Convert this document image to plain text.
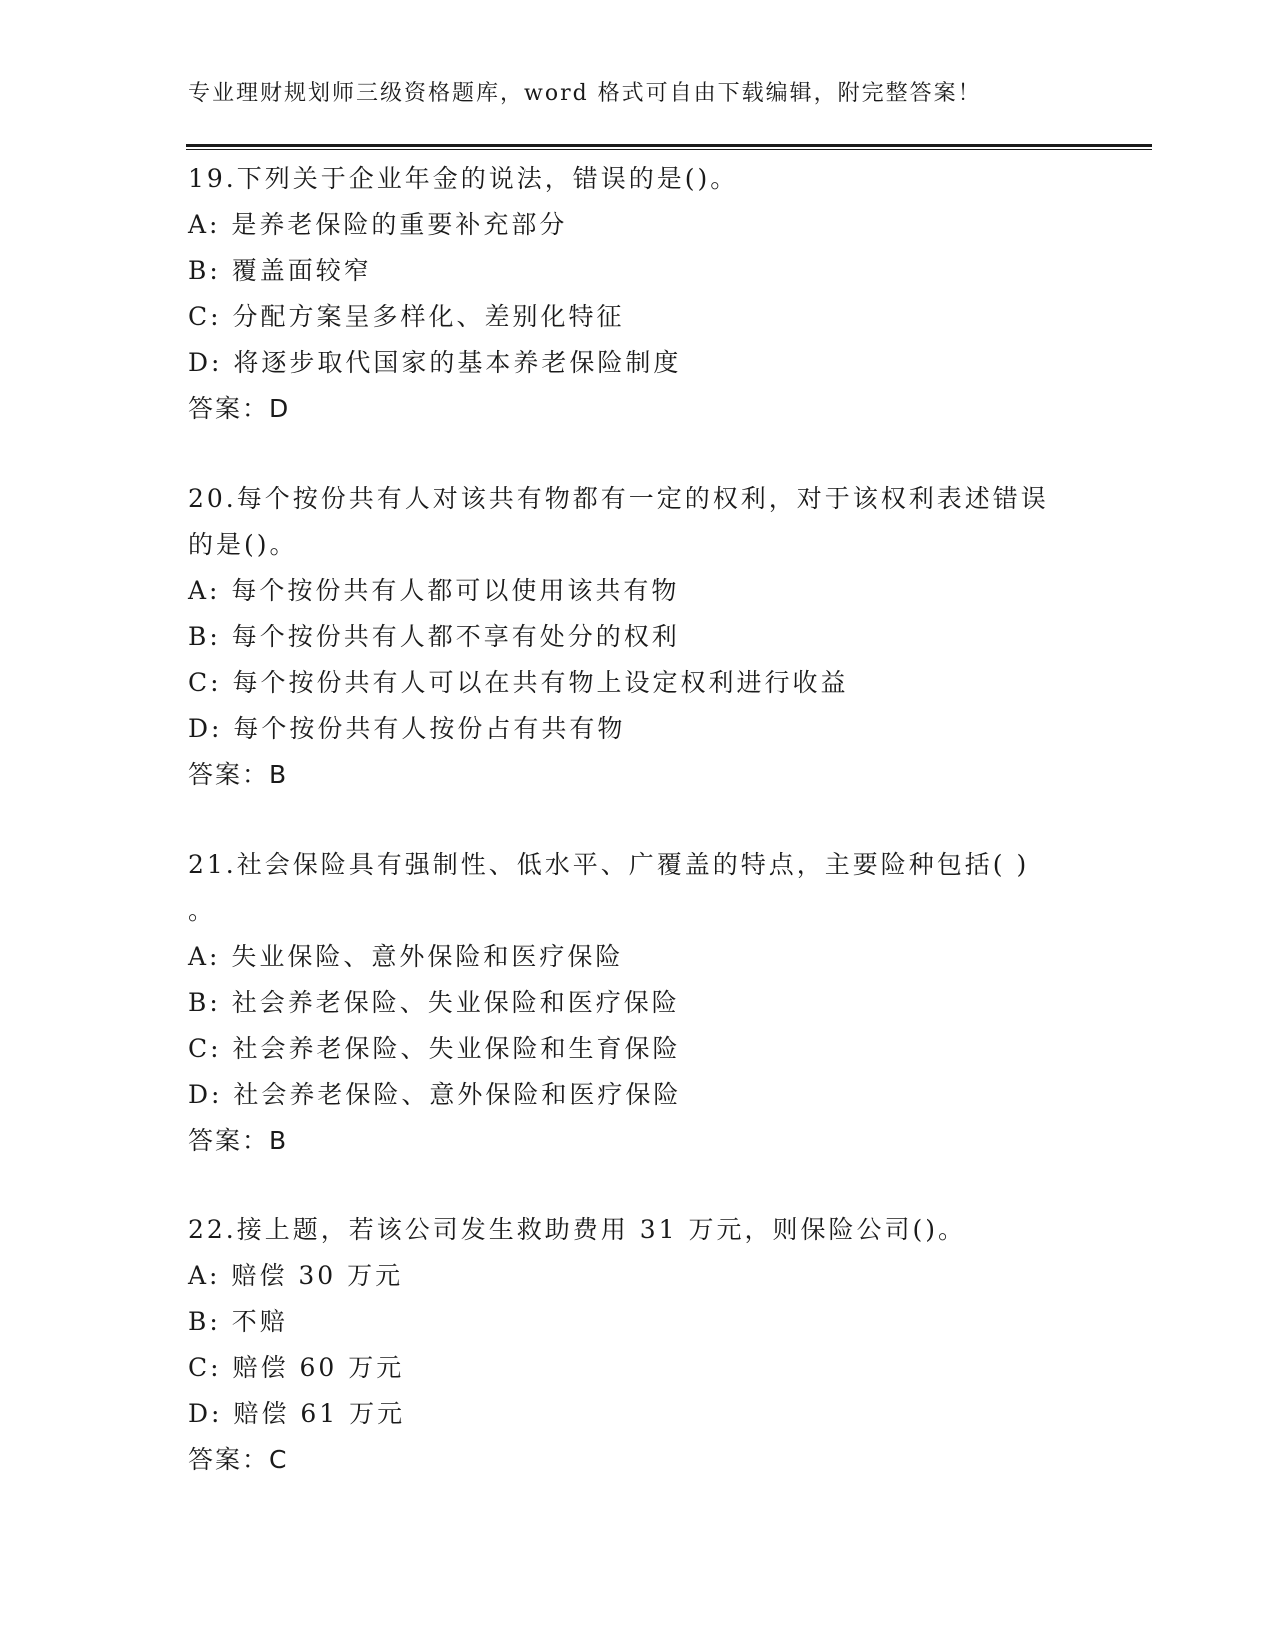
专业理财规划师三级资格题库，word 格式可自由下载编辑，附完整答案！
19.下列关于企业年金的说法，错误的是()。
A: 是养老保险的重要补充部分
B: 覆盖面较窄
C: 分配方案呈多样化、差别化特征
D: 将逐步取代国家的基本养老保险制度
答案：D
20.每个按份共有人对该共有物都有一定的权利，对于该权利表述错误
的是()。
A: 每个按份共有人都可以使用该共有物
B: 每个按份共有人都不享有处分的权利
C: 每个按份共有人可以在共有物上设定权利进行收益
D: 每个按份共有人按份占有共有物
答案：B
21.社会保险具有强制性、低水平、广覆盖的特点，主要险种包括( )
。
A: 失业保险、意外保险和医疗保险
B: 社会养老保险、失业保险和医疗保险
C: 社会养老保险、失业保险和生育保险
D: 社会养老保险、意外保险和医疗保险
答案：B
22.接上题，若该公司发生救助费用 31 万元，则保险公司()。
A: 赔偿 30 万元
B: 不赔
C: 赔偿 60 万元
D: 赔偿 61 万元
答案：C
